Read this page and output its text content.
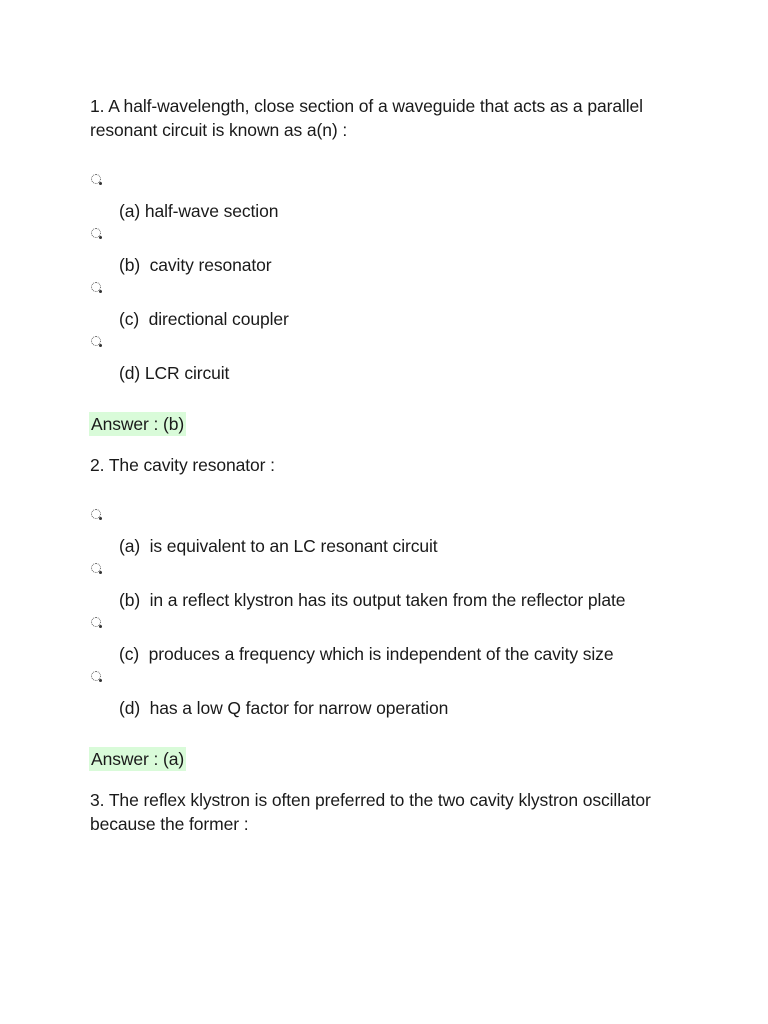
1. A half-wavelength, close section of a waveguide that acts as a parallel resonant circuit is known as a(n) :

(a) half-wave section
(b)  cavity resonator
(c)  directional coupler
(d) LCR circuit
Answer : (b)

2. The cavity resonator :

(a)  is equivalent to an LC resonant circuit
(b)  in a reflect klystron has its output taken from the reflector plate
(c)  produces a frequency which is independent of the cavity size
(d)  has a low Q factor for narrow operation
Answer : (a)

3. The reflex klystron is often preferred to the two cavity klystron oscillator because the former :
